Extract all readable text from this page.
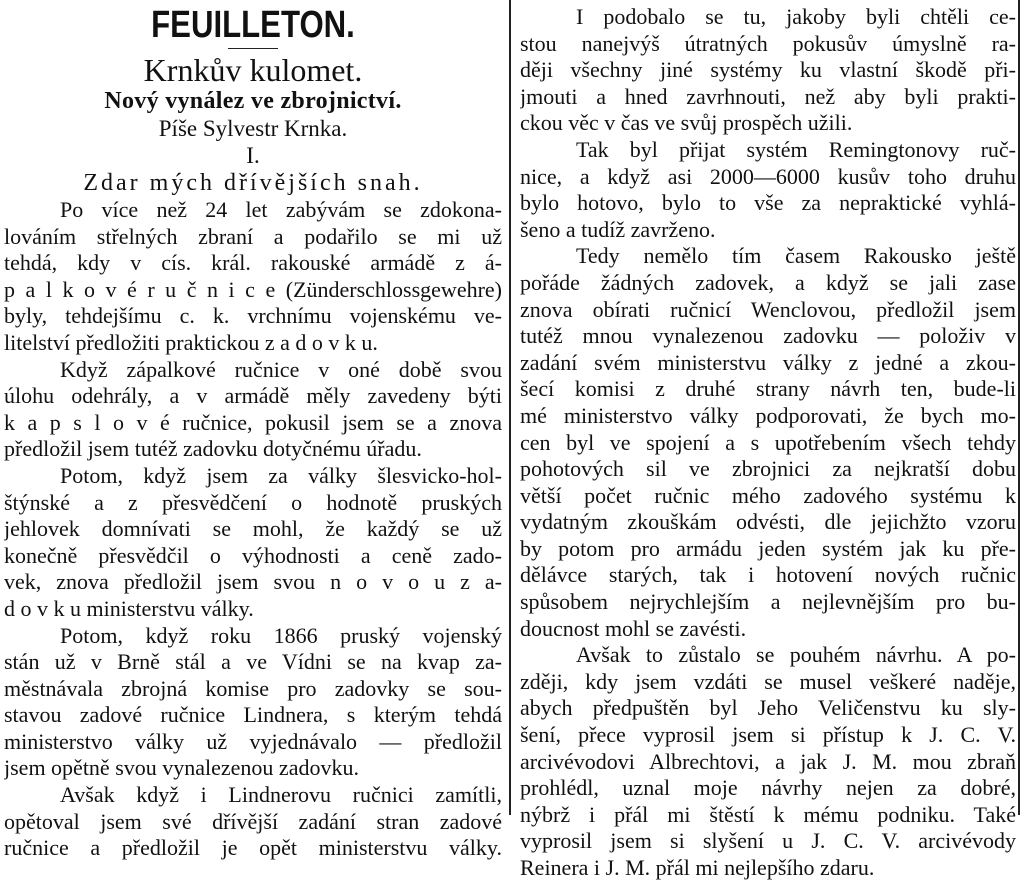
FEUILLETON.
Krnkův kulomet.
Nový vynález ve zbrojnictví.
Píše Sylvestr Krnka.
I.
Zdar mých dřívějších snah.
Po více než 24 let zabývám se zdokona-
lováním střelných zbraní a podařilo se mi už
tehdá, kdy v cís. král. rakouské armádě z á-
p a l k o v é r u č n i c e (Zünderschlossgewehre)
byly, tehdejšímu c. k. vrchnímu vojenskému ve-
litelství předložiti praktickou z a d o v k u.
Když zápalkové ručnice v oné době svou
úlohu odehrály, a v armádě měly zavedeny býti
k a p s l o v é ručnice, pokusil jsem se a znova
předložil jsem tutéž zadovku dotyčnému úřadu.
Potom, když jsem za války šlesvicko-hol-
štýnské a z přesvědčení o hodnotě pruských
jehlovek domnívati se mohl, že každý se už
konečně přesvědčil o výhodnosti a ceně zado-
vek, znova předložil jsem svou n o v o u z a-
d o v k u ministerstvu války.
Potom, když roku 1866 pruský vojenský
stán už v Brně stál a ve Vídni se na kvap za-
městnávala zbrojná komise pro zadovky se sou-
stavou zadové ručnice Lindnera, s kterým tehdá
ministerstvo války už vyjednávalo — předložil
jsem opětně svou vynalezenou zadovku.
Avšak když i Lindnerovu ručnici zamítli,
opětoval jsem své dřívější zadání stran zadové
ručnice a předložil je opět ministerstvu války.
I podobalo se tu, jakoby byli chtěli ce-
stou nanejvýš útratných pokusův úmyslně ra-
ději všechny jiné systémy ku vlastní škodě při-
jmouti a hned zavrhnouti, než aby byli prakti-
ckou věc v čas ve svůj prospěch užili.
Tak byl přijat systém Remingtonovy ruč-
nice, a když asi 2000—6000 kusův toho druhu
bylo hotovo, bylo to vše za nepraktické vyhlá-
šeno a tudíž zavrženo.
Tedy nemělo tím časem Rakousko ještě
pořáde žádných zadovek, a když se jali zase
znova obírati ručnicí Wenclovou, předložil jsem
tutéž mnou vynalezenou zadovku — položiv v
zadání svém ministerstvu války z jedné a zkou-
šecí komisi z druhé strany návrh ten, bude-li
mé ministerstvo války podporovati, že bych mo-
cen byl ve spojení a s upotřebením všech tehdy
pohotových sil ve zbrojnici za nejkratší dobu
větší počet ručnic mého zadového systému k
vydatným zkouškám odvésti, dle jejichžto vzoru
by potom pro armádu jeden systém jak ku pře-
dělávce starých, tak i hotovení nových ručnic
spůsobem nejrychlejším a nejlevnějším pro bu-
doucnost mohl se zavésti.
Avšak to zůstalo se pouhém návrhu. A po-
zději, kdy jsem vzdáti se musel veškeré naděje,
abych předpuštěn byl Jeho Veličenstvu ku sly-
šení, přece vyprosil jsem si přístup k J. C. V.
arcivévodovi Albrechtovi, a jak J. M. mou zbraň
prohlédl, uznal moje návrhy nejen za dobré,
nýbrž i přál mi štěstí k mému podniku. Také
vyprosil jsem si slyšení u J. C. V. arcivévody
Reinera i J. M. přál mi nejlepšího zdaru.
